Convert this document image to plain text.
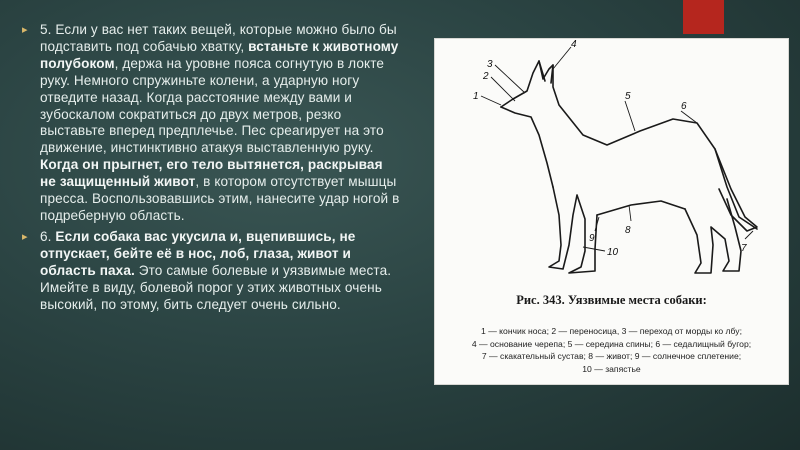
▸ 5. Если у вас нет таких вещей, которые можно было бы подставить под собачью хватку, встаньте к животному полубоком, держа на уровне пояса согнутую в локте руку. Немного спружиньте колени, а ударную ногу отведите назад. Когда расстояние между вами и зубоскалом сократиться до двух метров, резко выставьте вперед предплечье. Пес среагирует на это движение, инстинктивно атакуя выставленную руку. Когда он прыгнет, его тело вытянется, раскрывая не защищенный живот, в котором отсутствует мышцы пресса. Воспользовавшись этим, нанесите удар ногой в подреберную область.
▸ 6. Если собака вас укусила и, вцепившись, не отпускает, бейте её в нос, лоб, глаза, живот и область паха. Это самые болевые и уязвимые места. Имейте в виду, болевой порог у этих животных очень высокий, по этому, бить следует очень сильно.
1
2
3
4
5
6
7
8
9
10
Рис. 343. Уязвимые места собаки:
1 — кончик носа; 2 — переносица, 3 — переход от морды ко лбу;
4 — основание черепа; 5 — середина спины; 6 — седалищный бугор;
7 — скакательный сустав; 8 — живот; 9 — солнечное сплетение;
10 — запястье
